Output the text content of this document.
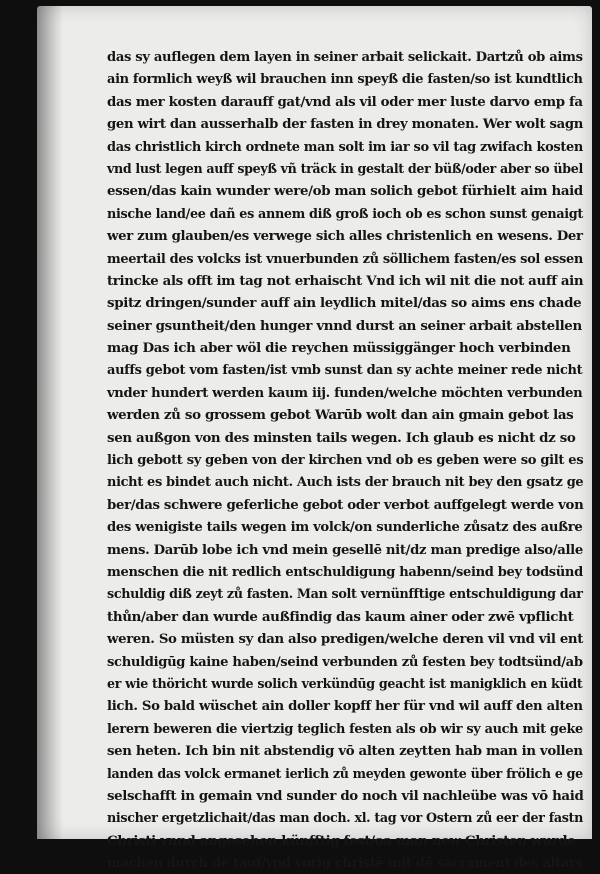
das sy auflegen dem layen in seiner arbait selickait. Dartzů ob aims
ain formlich weyß wil brauchen inn speyß die fasten/so ist kundtlich
das mer kosten darauff gat/vnd als vil oder mer luste darvo emp fa
gen wirt dan ausserhalb der fasten in drey monaten. Wer wolt sagn
das christlich kirch ordnete man solt im iar so vil tag zwifach kosten
vnd lust legen auff speyß vñ träck in gestalt der büß/oder aber so übel
essen/das kain wunder were/ob man solich gebot fürhielt aim haid
nische land/ee dañ es annem diß groß ioch ob es schon sunst genaigt
wer zum glauben/es verwege sich alles christenlich en wesens. Der
meertail des volcks ist vnuerbunden zů söllichem fasten/es sol essen
trincke als offt im tag not erhaischt Vnd ich wil nit die not auff ain
spitz dringen/sunder auff ain leydlich mitel/das so aims ens chade
seiner gsuntheit/den hunger vnnd durst an seiner arbait abstellen
mag Das ich aber wöl die reychen müssiggänger hoch verbinden
auffs gebot vom fasten/ist vmb sunst dan sy achte meiner rede nicht
vnder hundert werden kaum iij. funden/welche möchten verbunden
werden zů so grossem gebot Warūb wolt dan ain gmain gebot las
sen außgon von des minsten tails wegen. Ich glaub es nicht dz so
lich gebott sy geben von der kirchen vnd ob es geben were so gilt es
nicht es bindet auch nicht. Auch ists der brauch nit bey den gsatz ge
ber/das schwere geferliche gebot oder verbot auffgelegt werde von
des wenigiste tails wegen im volck/on sunderliche zůsatz des außre
mens. Darūb lobe ich vnd mein gesellē nit/dz man predige also/alle
menschen die nit redlich entschuldigung habenn/seind bey todsünd
schuldig diß zeyt zů fasten. Man solt vernünfftige entschuldigung dar
thůn/aber dan wurde außfindig das kaum ainer oder zwē vpflicht
weren. So müsten sy dan also predigen/welche deren vil vnd vil ent
schuldigūg kaine haben/seind verbunden zů festen bey todtsünd/ab
er wie thöricht wurde solich verkündūg geacht ist manigklich en küdt
lich. So bald wüschet ain doller kopff her für vnd wil auff den alten
lerern beweren die viertzig teglich festen als ob wir sy auch mit geke
sen heten. Ich bin nit abstendig vō alten zeytten hab man in vollen
landen das volck ermanet ierlich zů meyden gewonte über frölich e ge
selschafft in gemain vnd sunder do noch vil nachleübe was vō haid
nischer ergetzlichait/das man doch. xl. tag vor Ostern zů eer der fastn
Christi vnnd angesehen künfftig fest/oa man new Christen wurde
machen durch de tauf/vnd vorig christē mit dē sacrament des altars
